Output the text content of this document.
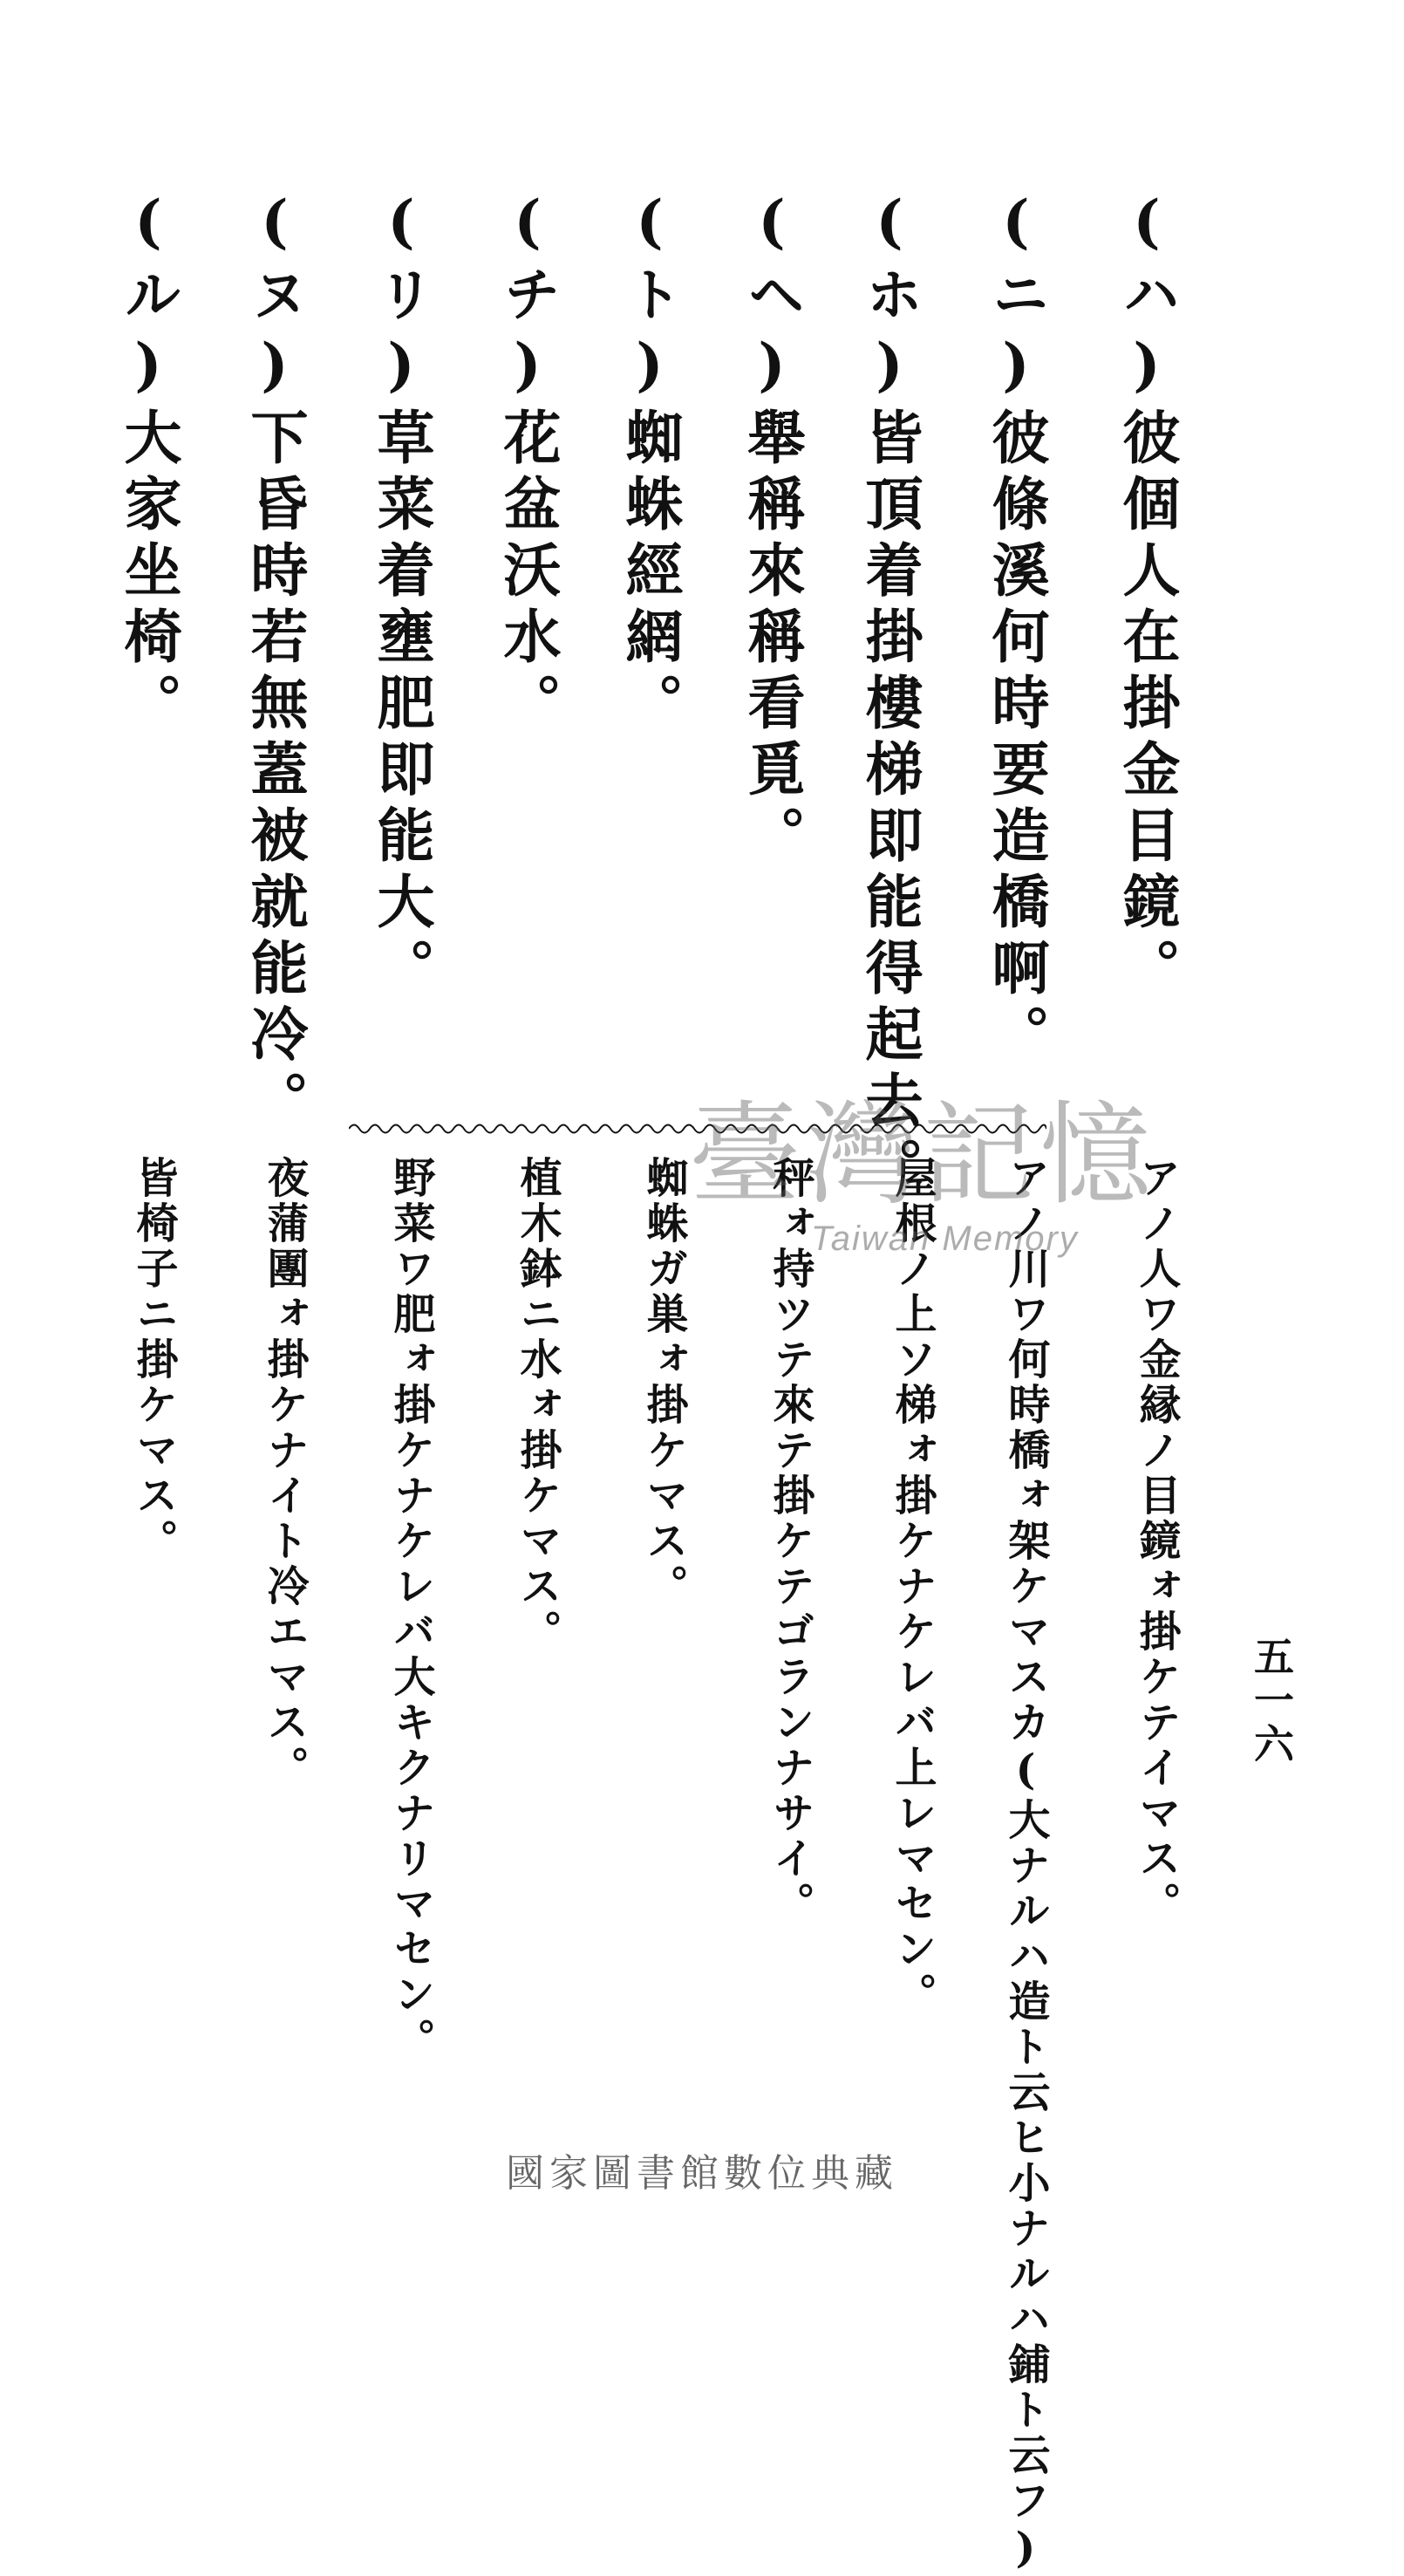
五一六
(ハ)彼個人在掛金目鏡。
(ニ)彼條溪何時要造橋啊。
(ホ)皆頂着掛樓梯即能得起去。
(ヘ)舉稱來稱看覓。
(ト)蜘蛛經網。
(チ)花盆沃水。
(リ)草菜着壅肥即能大。
(ヌ)下昏時若無蓋被就能冷。
(ル)大家坐椅。
アノ人ワ金縁ノ目鏡ォ掛ケテイマス。
アノ川ワ何時橋ォ架ケマスカ(大ナルハ造ト云ヒ小ナルハ鋪ト云フ)
屋根ノ上ソ梯ォ掛ケナケレバ上レマセン。
秤ォ持ツテ來テ掛ケテゴランナサイ。
蜘蛛ガ巣ォ掛ケマス。
植木鉢ニ水ォ掛ケマス。
野菜ワ肥ォ掛ケナケレバ大キクナリマセン。
夜蒲團ォ掛ケナイト冷エマス。
皆椅子ニ掛ケマス。
臺灣記憶
Taiwan Memory
國家圖書館數位典藏
